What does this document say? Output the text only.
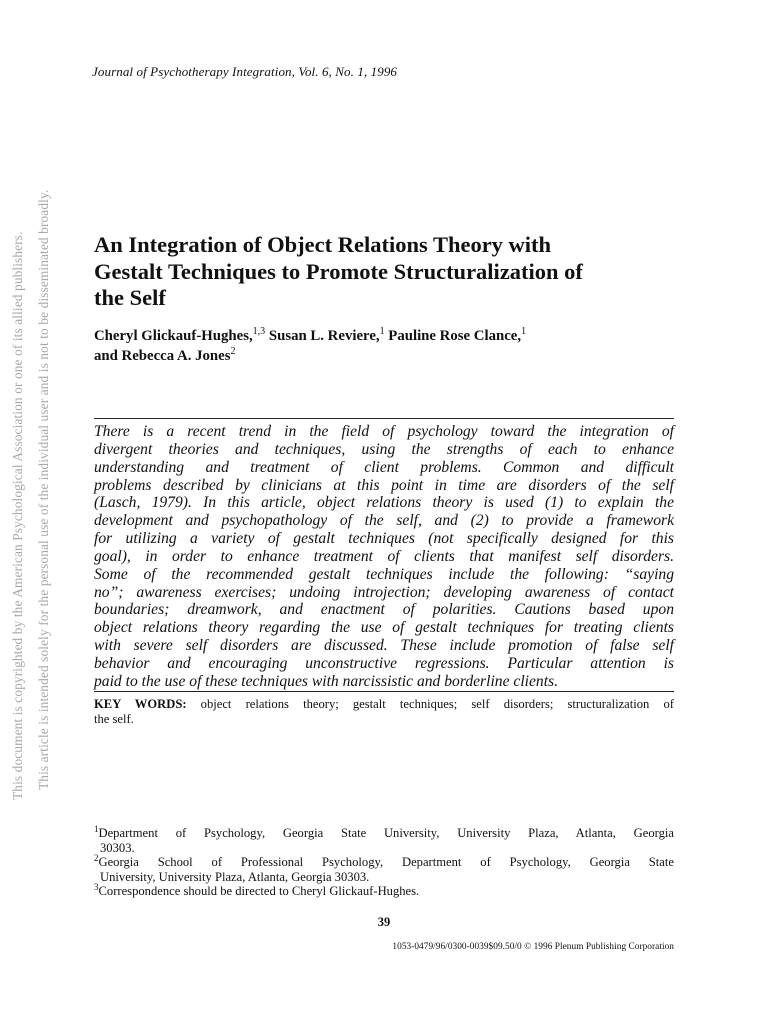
This document is copyrighted by the American Psychological Association or one of its allied publishers. This article is intended solely for the personal use of the individual user and is not to be disseminated broadly.
Journal of Psychotherapy Integration, Vol. 6, No. 1, 1996
An Integration of Object Relations Theory with
Gestalt Techniques to Promote Structuralization of
the Self
Cheryl Glickauf-Hughes,$^{1,3}$ Susan L. Reviere,$^1$ Pauline Rose Clance,$^1$
and Rebecca A. Jones$^2$
There is a recent trend in the field of psychology toward the integration of
divergent theories and techniques, using the strengths of each to enhance
understanding and treatment of client problems. Common and difficult
problems described by clinicians at this point in time are disorders of the self
(Lasch, 1979). In this article, object relations theory is used (1) to explain the
development and psychopathology of the self, and (2) to provide a framework
for utilizing a variety of gestalt techniques (not specifically designed for this
goal), in order to enhance treatment of clients that manifest self disorders.
Some of the recommended gestalt techniques include the following: “saying
no”; awareness exercises; undoing introjection; developing awareness of contact
boundaries; dreamwork, and enactment of polarities. Cautions based upon
object relations theory regarding the use of gestalt techniques for treating clients
with severe self disorders are discussed. These include promotion of false self
behavior and encouraging unconstructive regressions. Particular attention is
paid to the use of these techniques with narcissistic and borderline clients.
KEY WORDS: object relations theory; gestalt techniques; self disorders; structuralization of
the self.
$^1$Department of Psychology, Georgia State University, University Plaza, Atlanta, Georgia
30303.
$^2$Georgia School of Professional Psychology, Department of Psychology, Georgia State
University, University Plaza, Atlanta, Georgia 30303.
$^3$Correspondence should be directed to Cheryl Glickauf-Hughes.
39
1053-0479/96/0300-0039$09.50/0 © 1996 Plenum Publishing Corporation
